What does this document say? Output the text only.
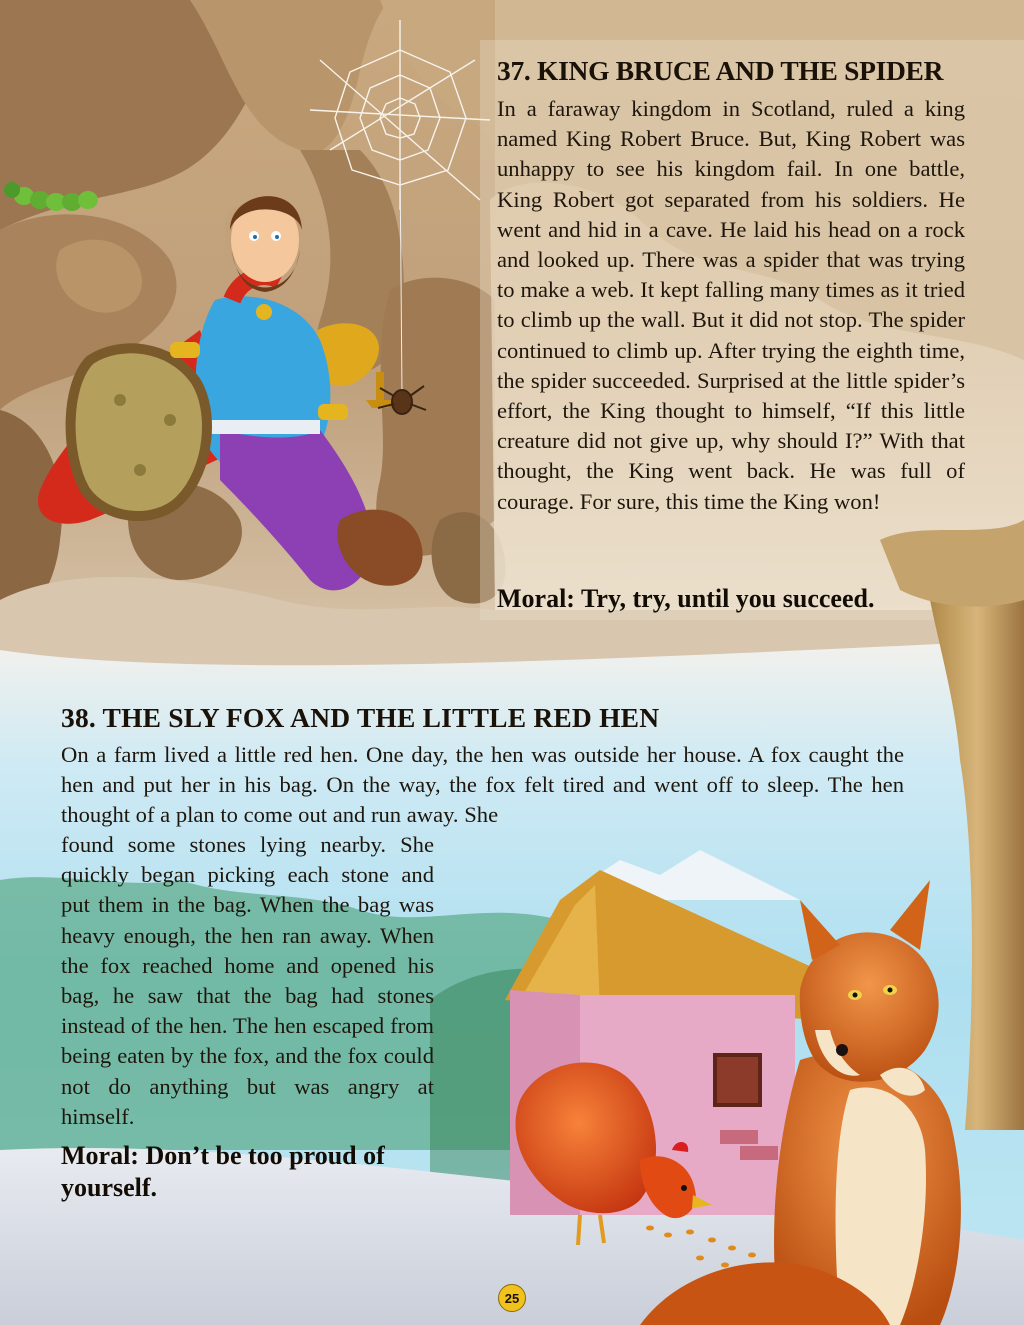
37. KING BRUCE AND THE SPIDER

In a faraway kingdom in Scotland, ruled a king named King Robert Bruce. But, King Robert was unhappy to see his kingdom fail. In one battle, King Robert got separated from his soldiers. He went and hid in a cave. He laid his head on a rock and looked up. There was a spider that was trying to make a web. It kept falling many times as it tried to climb up the wall. But it did not stop. The spider continued to climb up. After trying the eighth time, the spider succeeded. Surprised at the little spider’s effort, the King thought to himself, “If this little creature did not give up, why should I?” With that thought, the King went back. He was full of courage. For sure, this time the King won!

Moral: Try, try, until you succeed.

38. THE SLY FOX AND THE LITTLE RED HEN

On a farm lived a little red hen. One day, the hen was outside her house. A fox caught the hen and put her in his bag. On the way, the fox felt tired and went off to sleep. The hen thought of a plan to come out and run away. She

found some stones lying nearby. She quickly began picking each stone and put them in the bag. When the bag was heavy enough, the hen ran away. When the fox reached home and opened his bag, he saw that the bag had stones instead of the hen. The hen escaped from being eaten by the fox, and the fox could not do anything but was angry at himself.

Moral: Don’t be too proud of yourself.

25
